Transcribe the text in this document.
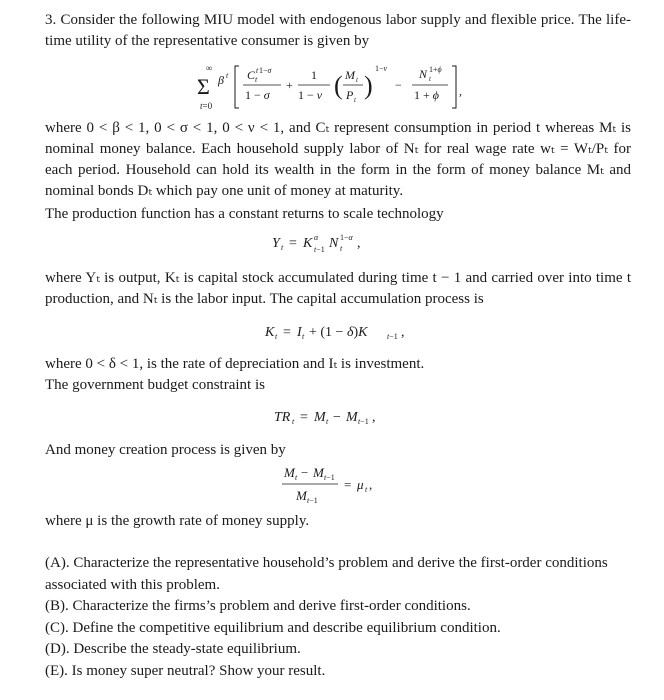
3. Consider the following MIU model with endogenous labor supply and flexible price. The life-time utility of the representative consumer is given by

∞
Σ
t=0
β t C t 1−σ
t
1 − σ
+
1
1 − ν ( M t
P t )
1−ν
−
N 1+ϕ
t
1 + ϕ ,

where 0 < β < 1, 0 < σ < 1, 0 < ν < 1, and Cₜ represent consumption in period t whereas Mₜ is nominal money balance. Each household supply labor of Nₜ for real wage rate wₜ = Wₜ/Pₜ for each period. Household can hold its wealth in the form in the form of money balance Mₜ and nominal bonds Dₜ which pay one unit of money at maturity.

The production function has a constant returns to scale technology

Y t = K α
t−1 N 1−α
t ,

where Yₜ is output, Kₜ is capital stock accumulated during time t − 1 and carried over into time t production, and Nₜ is the labor input. The capital accumulation process is

K t = I t + (1 − δ)K t−1 ,

where 0 < δ < 1, is the rate of depreciation and Iₜ is investment.

The government budget constraint is

TR t = M t − M t−1 ,

And money creation process is given by

M t − M t−1
M t−1
= μ t ,

where μ is the growth rate of money supply.

(A). Characterize the representative household’s problem and derive the first-order conditions associated with this problem.
(B). Characterize the firms’s problem and derive first-order conditions.
(C). Define the competitive equilibrium and describe equilibrium condition.
(D). Describe the steady-state equilibrium.
(E). Is money super neutral? Show your result.
